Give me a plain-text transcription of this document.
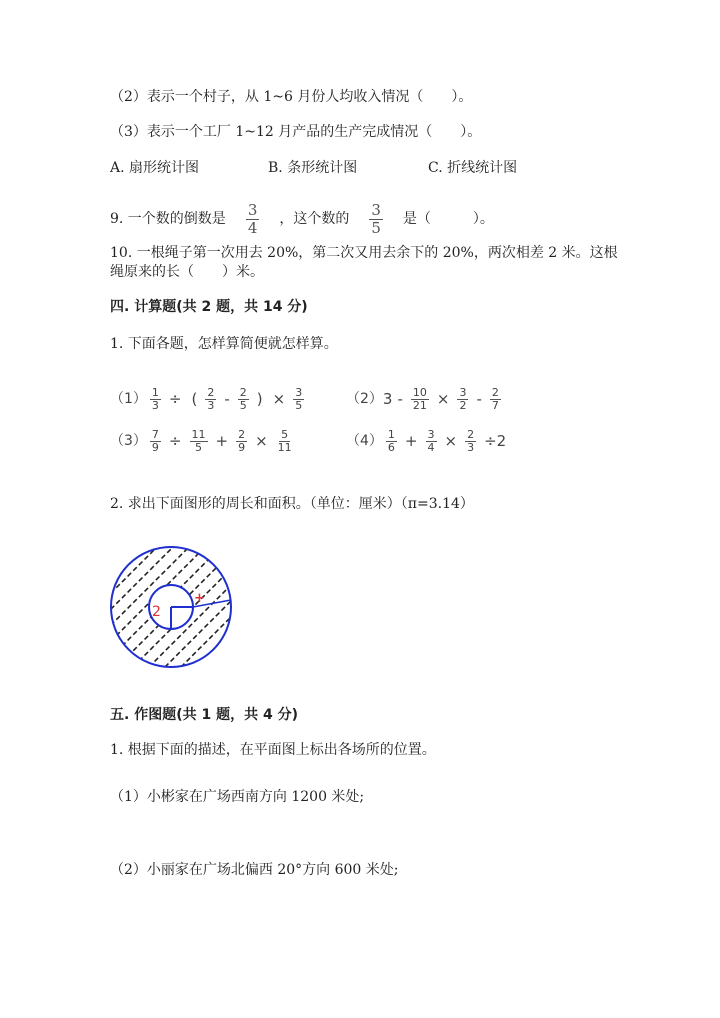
（2）表示一个村子，从 1~6 月份人均收入情况（　　）。
（3）表示一个工厂 1~12 月产品的生产完成情况（　　）。
A. 扇形统计图	B. 条形统计图	C. 折线统计图
9. 一个数的倒数是 $\frac{3}{4}$ ，这个数的 $\frac{3}{5}$ 是（　　　）。
10. 一根绳子第一次用去 20%，第二次又用去余下的 20%，两次相差 2 米。这根
绳原来的长（　　）米。
四. 计算题(共 2 题，共 14 分)
1. 下面各题，怎样算简便就怎样算。
$(1) \frac{1}{3}$ ÷ ( $\frac{2}{3} - \frac{2}{5}$ ) × $\frac{3}{5}$	（2） $3 - \frac{10}{21} \times \frac{3}{2} - \frac{2}{7}$
$(3) \frac{7}{9} \div \frac{11}{5} + \frac{2}{9} \times \frac{5}{11}$	$(4) \frac{1}{6} + \frac{3}{4} \times \frac{2}{3} \div 2$
2. 求出下面图形的周长和面积。（单位：厘米）（π=3.14）
+
2
五. 作图题(共 1 题，共 4 分)
1. 根据下面的描述，在平面图上标出各场所的位置。
（1）小彬家在广场西南方向 1200 米处;
（2）小丽家在广场北偏西 20°方向 600 米处;
